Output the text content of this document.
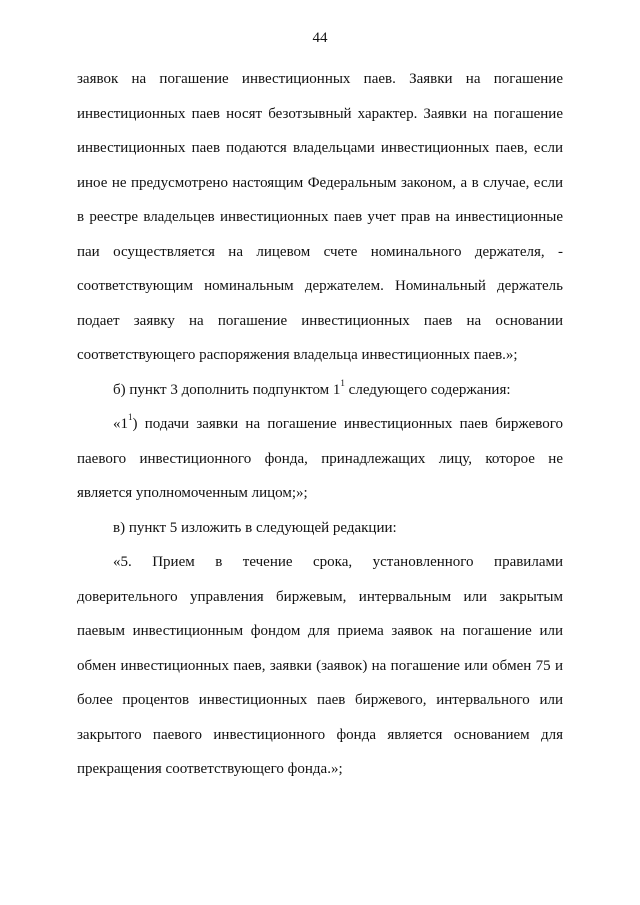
44
заявок на погашение инвестиционных паев. Заявки на погашение
инвестиционных паев носят безотзывный характер. Заявки на погашение
инвестиционных паев подаются владельцами инвестиционных паев, если
иное не предусмотрено настоящим Федеральным законом, а в случае, если
в реестре владельцев инвестиционных паев учет прав на инвестиционные
паи осуществляется на лицевом счете номинального держателя, -
соответствующим номинальным держателем. Номинальный держатель
подает заявку на погашение инвестиционных паев на основании
соответствующего распоряжения владельца инвестиционных паев.»;
б) пункт 3 дополнить подпунктом $1^1$ следующего содержания:
«$1^1$) подачи заявки на погашение инвестиционных паев биржевого
паевого инвестиционного фонда, принадлежащих лицу, которое не
является уполномоченным лицом;»;
в) пункт 5 изложить в следующей редакции:
«5. Прием в течение срока, установленного правилами
доверительного управления биржевым, интервальным или закрытым
паевым инвестиционным фондом для приема заявок на погашение или
обмен инвестиционных паев, заявки (заявок) на погашение или обмен 75 и
более процентов инвестиционных паев биржевого, интервального или
закрытого паевого инвестиционного фонда является основанием для
прекращения соответствующего фонда.»;
